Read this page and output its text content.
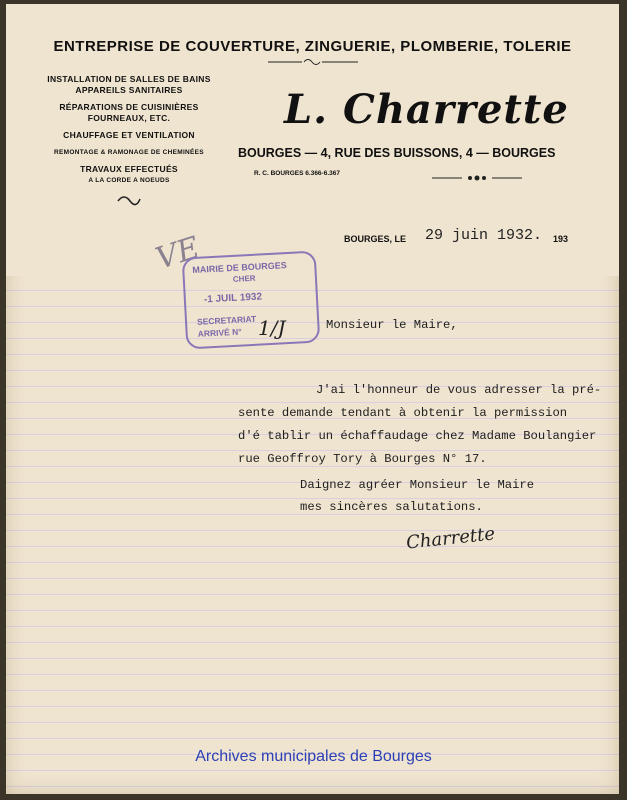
ENTREPRISE DE COUVERTURE, ZINGUERIE, PLOMBERIE, TOLERIE
INSTALLATION DE SALLES DE BAINS
APPAREILS SANITAIRES
RÉPARATIONS DE CUISINIÈRES
FOURNEAUX, ETC.
CHAUFFAGE ET VENTILATION
REMONTAGE & RAMONAGE DE CHEMINÉES
TRAVAUX EFFECTUÉS
A LA CORDE A NOEUDS
L. Charrette
BOURGES — 4, RUE DES BUISSONS, 4 — BOURGES
R. C. BOURGES 6.366-6.367
BOURGES, LE 29 juin 1932. 193
VE
MAIRIE DE BOURGES
CHER
-1 JUIL 1932
SECRETARIAT
ARRIVÉ N° 1/J	Monsieur le Maire,
J'ai l'honneur de vous adresser la pré-
sente demande tendant à obtenir la permission
d'é tablir un échaffaudage chez Madame Boulangier
rue Geoffroy Tory à Bourges N° 17.
Daignez agréer Monsieur le Maire
mes sincères salutations.
Charrette
Archives municipales de Bourges
